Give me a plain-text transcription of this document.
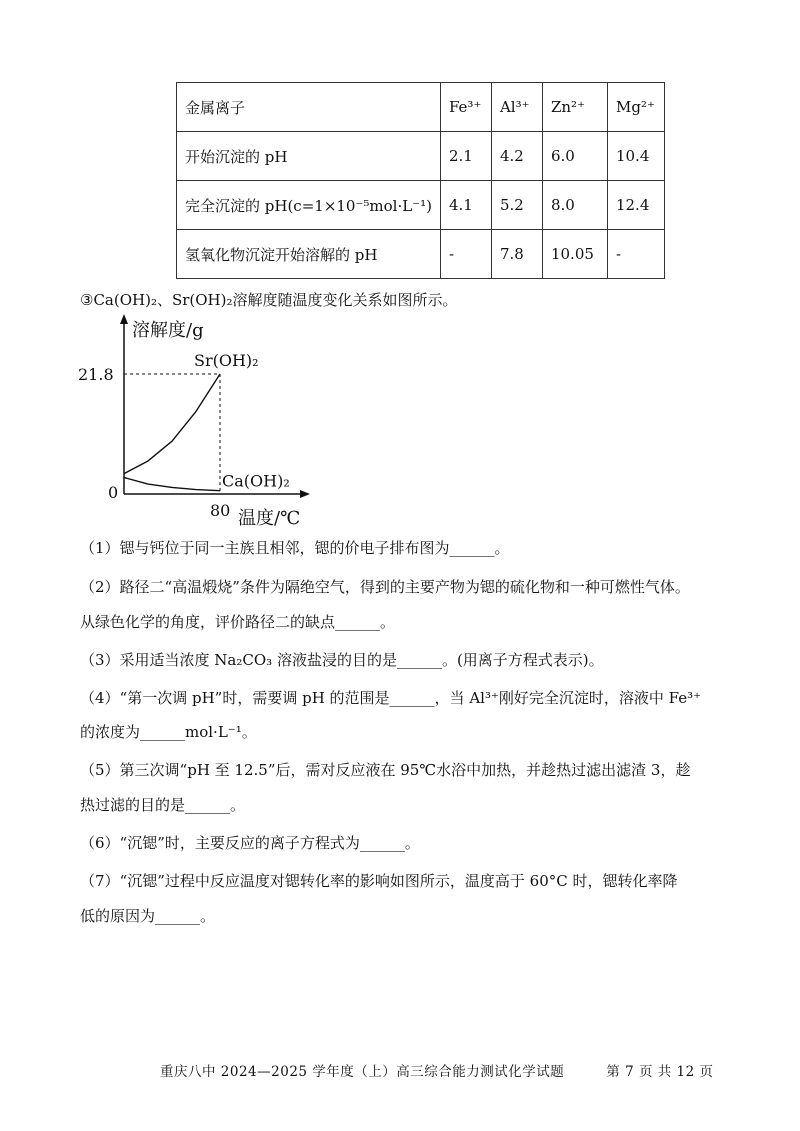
金属离子	Fe³⁺	Al³⁺	Zn²⁺	Mg²⁺
开始沉淀的 pH	2.1	4.2	6.0	10.4
完全沉淀的 pH(c=1×10⁻⁵mol·L⁻¹)	4.1	5.2	8.0	12.4
氢氧化物沉淀开始溶解的 pH	-	7.8	10.05	-
③Ca(OH)₂、Sr(OH)₂溶解度随温度变化关系如图所示。
溶解度/g
温度/℃
0
21.8
80
Sr(OH)₂
Ca(OH)₂
（1）锶与钙位于同一主族且相邻，锶的价电子排布图为______。
（2）路径二“高温煅烧”条件为隔绝空气，得到的主要产物为锶的硫化物和一种可燃性气体。
从绿色化学的角度，评价路径二的缺点______。
（3）采用适当浓度 Na₂CO₃ 溶液盐浸的目的是______。(用离子方程式表示)。
（4）“第一次调 pH”时，需要调 pH 的范围是______，当 Al³⁺刚好完全沉淀时，溶液中 Fe³⁺
的浓度为______mol·L⁻¹。
（5）第三次调“pH 至 12.5”后，需对反应液在 95℃水浴中加热，并趁热过滤出滤渣 3，趁
热过滤的目的是______。
（6）“沉锶”时，主要反应的离子方程式为______。
（7）“沉锶”过程中反应温度对锶转化率的影响如图所示，温度高于 60°C 时，锶转化率降
低的原因为______。
重庆八中 2024—2025 学年度（上）高三综合能力测试化学试题	第 7 页 共 12 页
